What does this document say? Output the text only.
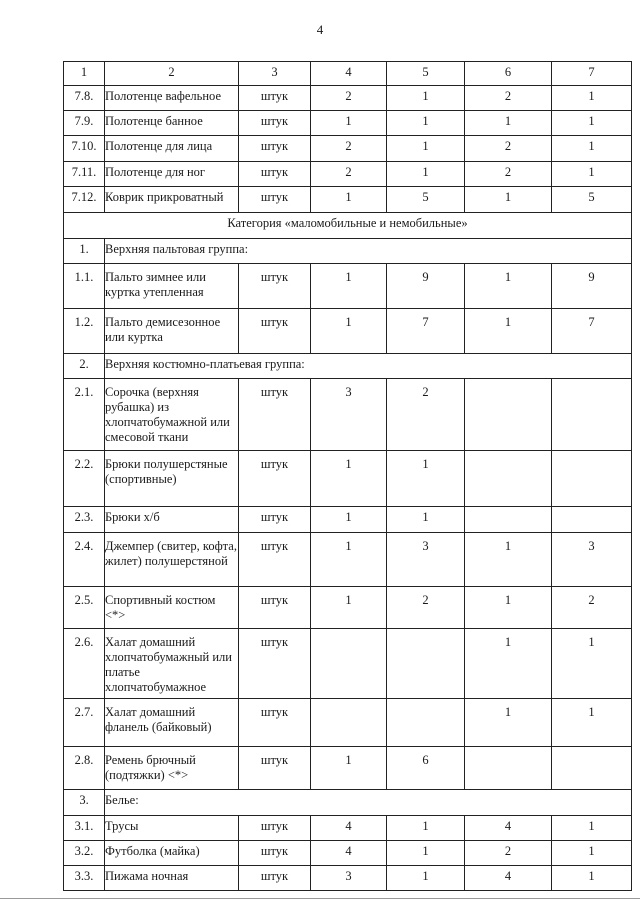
4
1	2	3	4	5	6	7

7.8.	Полотенце вафельное	штук	2	1	2	1

7.9.	Полотенце банное	штук	1	1	1	1

7.10.	Полотенце для лица	штук	2	1	2	1

7.11.	Полотенце для ног	штук	2	1	2	1

7.12.	Коврик прикроватный	штук	1	5	1	5

Категория «маломобильные и немобильные»						

1.	Верхняя пальтовая группа:					

1.1.	Пальто зимнее или куртка утепленная	штук	1	9	1	9

1.2.	Пальто демисезонное или куртка	штук	1	7	1	7

2.	Верхняя костюмно-платьевая группа:					

2.1.	Сорочка (верхняя рубашка) из хлопчатобумажной или смесовой ткани	штук	3	2		

2.2.	Брюки полушерстяные (спортивные)	штук	1	1		

2.3.	Брюки х/б	штук	1	1		

2.4.	Джемпер (свитер, кофта, жилет) полушерстяной	штук	1	3	1	3

2.5.	Спортивный костюм <*>	штук	1	2	1	2

2.6.	Халат домашний хлопчатобумажный или платье хлопчатобумажное	штук			1	1

2.7.	Халат домашний фланель (байковый)	штук			1	1

2.8.	Ремень брючный (подтяжки) <*>	штук	1	6		

3.	Белье:					

3.1.	Трусы	штук	4	1	4	1

3.2.	Футболка (майка)	штук	4	1	2	1

3.3.	Пижама ночная	штук	3	1	4	1
